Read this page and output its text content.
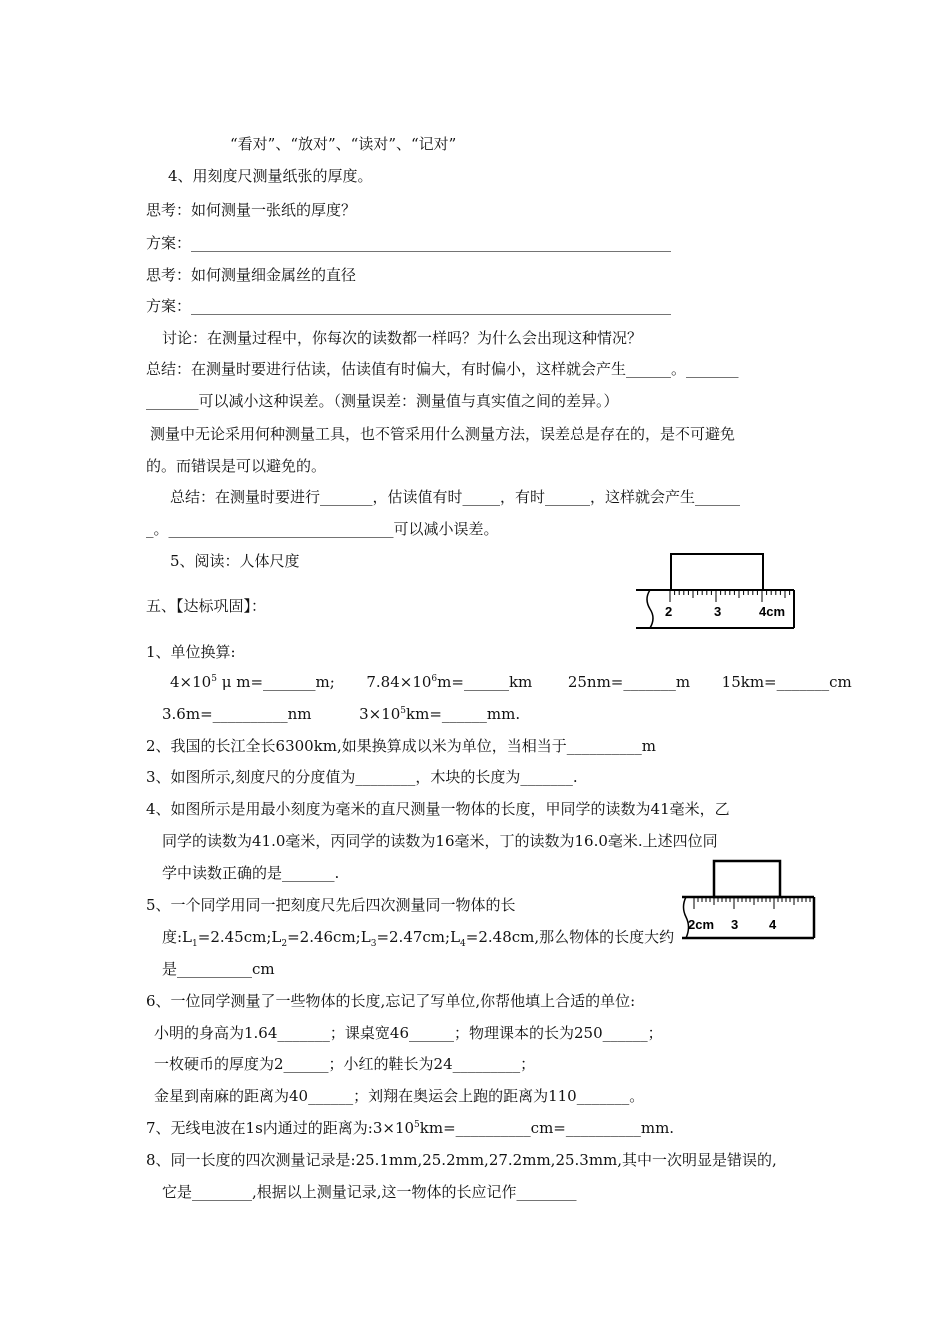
“看对”、“放对”、“读对”、“记对”
4、用刻度尺测量纸张的厚度。
思考：如何测量一张纸的厚度？
方案：________________________________________________________________
思考：如何测量细金属丝的直径
方案：________________________________________________________________
讨论：在测量过程中，你每次的读数都一样吗？为什么会出现这种情况？
总结：在测量时要进行估读，估读值有时偏大，有时偏小，这样就会产生______。_______
_______可以减小这种误差。（测量误差：测量值与真实值之间的差异。）
测量中无论采用何种测量工具，也不管采用什么测量方法，误差总是存在的，是不可避免
的。而错误是可以避免的。
总结：在测量时要进行_______，估读值有时_____，有时______，这样就会产生______
_。______________________________可以减小误差。
5、阅读：人体尺度
五、【达标巩固】：
1、单位换算:
$4\times 10^5$ μ m=_______m; $7.84\times 10^6m=\_\_\_\_\_\_km$ 25nm=_______m 15km=_______cm
3.6m=__________nm	$3\times 10^5km=\_\_\_\_\_\_mm$.
2、我国的长江全长6300km,如果换算成以米为单位，当相当于__________m
3、如图所示,刻度尺的分度值为________，木块的长度为_______.
4、如图所示是用最小刻度为毫米的直尺测量一物体的长度，甲同学的读数为41毫米，乙
同学的读数为41.0毫米，丙同学的读数为16毫米，丁的读数为16.0毫米.上述四位同
学中读数正确的是_______.
5、一个同学用同一把刻度尺先后四次测量同一物体的长
度$:L_1=2.45cm;L_2=2.46cm;L_3=2.47cm;L_4=2.48cm$,那么物体的长度大约
是__________cm
6、一位同学测量了一些物体的长度,忘记了写单位,你帮他填上合适的单位:
小明的身高为1.64_______；课桌宽46______；物理课本的长为250______；
一枚硬币的厚度为2______；小红的鞋长为24_________；
金星到南麻的距离为40______；刘翔在奥运会上跑的距离为110_______。
7、无线电波在1s内通过的距离为$:3\times 10^5km=\_\_\_\_\_\_\_\_\_\_cm=\_\_\_\_\_\_\_\_\_\_mm$.
8、同一长度的四次测量记录是:25.1mm,25.2mm,27.2mm,25.3mm,其中一次明显是错误的,
它是________,根据以上测量记录,这一物体的长应记作________
2	3	4cm
2cm 3 4
